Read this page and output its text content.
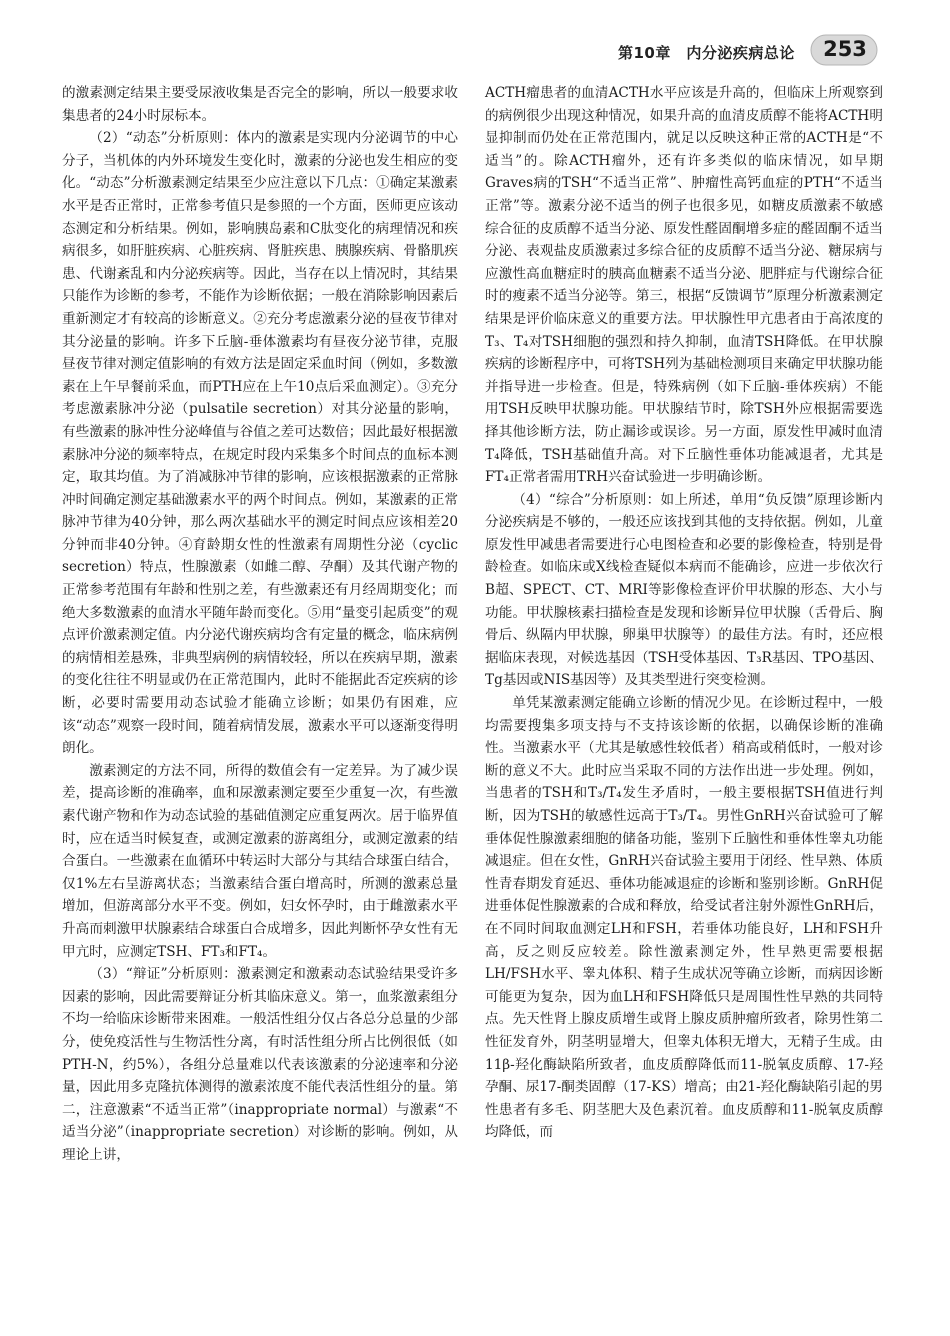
第10章　内分泌疾病总论	253

的激素测定结果主要受尿液收集是否完全的影响，所以一般要求收集患者的24小时尿标本。

（2）“动态”分析原则：体内的激素是实现内分泌调节的中心分子，当机体的内外环境发生变化时，激素的分泌也发生相应的变化。“动态”分析激素测定结果至少应注意以下几点：①确定某激素水平是否正常时，正常参考值只是参照的一个方面，医师更应该动态测定和分析结果。例如，影响胰岛素和C肽变化的病理情况和疾病很多，如肝脏疾病、心脏疾病、肾脏疾患、胰腺疾病、骨骼肌疾患、代谢紊乱和内分泌疾病等。因此，当存在以上情况时，其结果只能作为诊断的参考，不能作为诊断依据；一般在消除影响因素后重新测定才有较高的诊断意义。②充分考虑激素分泌的昼夜节律对其分泌量的影响。许多下丘脑-垂体激素均有昼夜分泌节律，克服昼夜节律对测定值影响的有效方法是固定采血时间（例如，多数激素在上午早餐前采血，而PTH应在上午10点后采血测定）。③充分考虑激素脉冲分泌（pulsatile secretion）对其分泌量的影响，有些激素的脉冲性分泌峰值与谷值之差可达数倍；因此最好根据激素脉冲分泌的频率特点，在规定时段内采集多个时间点的血标本测定，取其均值。为了消减脉冲节律的影响，应该根据激素的正常脉冲时间确定测定基础激素水平的两个时间点。例如，某激素的正常脉冲节律为40分钟，那么两次基础水平的测定时间点应该相差20分钟而非40分钟。④育龄期女性的性激素有周期性分泌（cyclic secretion）特点，性腺激素（如雌二醇、孕酮）及其代谢产物的正常参考范围有年龄和性别之差，有些激素还有月经周期变化；而绝大多数激素的血清水平随年龄而变化。⑤用“量变引起质变”的观点评价激素测定值。内分泌代谢疾病均含有定量的概念，临床病例的病情相差悬殊，非典型病例的病情较轻，所以在疾病早期，激素的变化往往不明显或仍在正常范围内，此时不能据此否定疾病的诊断，必要时需要用动态试验才能确立诊断；如果仍有困难，应该“动态”观察一段时间，随着病情发展，激素水平可以逐渐变得明朗化。

激素测定的方法不同，所得的数值会有一定差异。为了减少误差，提高诊断的准确率，血和尿激素测定要至少重复一次，有些激素代谢产物和作为动态试验的基础值测定应重复两次。居于临界值时，应在适当时候复查，或测定激素的游离组分，或测定激素的结合蛋白。一些激素在血循环中转运时大部分与其结合球蛋白结合，仅1%左右呈游离状态；当激素结合蛋白增高时，所测的激素总量增加，但游离部分水平不变。例如，妇女怀孕时，由于雌激素水平升高而刺激甲状腺素结合球蛋白合成增多，因此判断怀孕女性有无甲亢时，应测定TSH、FT₃和FT₄。

（3）“辩证”分析原则：激素测定和激素动态试验结果受许多因素的影响，因此需要辩证分析其临床意义。第一，血浆激素组分不均一给临床诊断带来困难。一般活性组分仅占各总分总量的少部分，使免疫活性与生物活性分离，有时活性组分所占比例很低（如PTH-N，约5%），各组分总量难以代表该激素的分泌速率和分泌量，因此用多克隆抗体测得的激素浓度不能代表活性组分的量。第二，注意激素“不适当正常”（inappropriate normal）与激素“不适当分泌”（inappropriate secretion）对诊断的影响。例如，从理论上讲，

ACTH瘤患者的血清ACTH水平应该是升高的，但临床上所观察到的病例很少出现这种情况，如果升高的血清皮质醇不能将ACTH明显抑制而仍处在正常范围内，就足以反映这种正常的ACTH是“不适当”的。除ACTH瘤外，还有许多类似的临床情况，如早期Graves病的TSH“不适当正常”、肿瘤性高钙血症的PTH“不适当正常”等。激素分泌不适当的例子也很多见，如糖皮质激素不敏感综合征的皮质醇不适当分泌、原发性醛固酮增多症的醛固酮不适当分泌、表观盐皮质激素过多综合征的皮质醇不适当分泌、糖尿病与应激性高血糖症时的胰高血糖素不适当分泌、肥胖症与代谢综合征时的瘦素不适当分泌等。第三，根据“反馈调节”原理分析激素测定结果是评价临床意义的重要方法。甲状腺性甲亢患者由于高浓度的T₃、T₄对TSH细胞的强烈和持久抑制，血清TSH降低。在甲状腺疾病的诊断程序中，可将TSH列为基础检测项目来确定甲状腺功能并指导进一步检查。但是，特殊病例（如下丘脑-垂体疾病）不能用TSH反映甲状腺功能。甲状腺结节时，除TSH外应根据需要选择其他诊断方法，防止漏诊或误诊。另一方面，原发性甲减时血清T₄降低，TSH基础值升高。对下丘脑性垂体功能减退者，尤其是FT₄正常者需用TRH兴奋试验进一步明确诊断。

（4）“综合”分析原则：如上所述，单用“负反馈”原理诊断内分泌疾病是不够的，一般还应该找到其他的支持依据。例如，儿童原发性甲减患者需要进行心电图检查和必要的影像检查，特别是骨龄检查。如临床或X线检查疑似本病而不能确诊，应进一步依次行B超、SPECT、CT、MRI等影像检查评价甲状腺的形态、大小与功能。甲状腺核素扫描检查是发现和诊断异位甲状腺（舌骨后、胸骨后、纵隔内甲状腺，卵巢甲状腺等）的最佳方法。有时，还应根据临床表现，对候选基因（TSH受体基因、T₃R基因、TPO基因、Tg基因或NIS基因等）及其类型进行突变检测。

单凭某激素测定能确立诊断的情况少见。在诊断过程中，一般均需要搜集多项支持与不支持该诊断的依据，以确保诊断的准确性。当激素水平（尤其是敏感性较低者）稍高或稍低时，一般对诊断的意义不大。此时应当采取不同的方法作出进一步处理。例如，当患者的TSH和T₃/T₄发生矛盾时，一般主要根据TSH值进行判断，因为TSH的敏感性远高于T₃/T₄。男性GnRH兴奋试验可了解垂体促性腺激素细胞的储备功能，鉴别下丘脑性和垂体性睾丸功能减退症。但在女性，GnRH兴奋试验主要用于闭经、性早熟、体质性青春期发育延迟、垂体功能减退症的诊断和鉴别诊断。GnRH促进垂体促性腺激素的合成和释放，给受试者注射外源性GnRH后，在不同时间取血测定LH和FSH，若垂体功能良好，LH和FSH升高，反之则反应较差。除性激素测定外，性早熟更需要根据LH/FSH水平、睾丸体积、精子生成状况等确立诊断，而病因诊断可能更为复杂，因为血LH和FSH降低只是周围性性早熟的共同特点。先天性肾上腺皮质增生或肾上腺皮质肿瘤所致者，除男性第二性征发育外，阴茎明显增大，但睾丸体积无增大，无精子生成。由11β-羟化酶缺陷所致者，血皮质醇降低而11-脱氧皮质醇、17-羟孕酮、尿17-酮类固醇（17-KS）增高；由21-羟化酶缺陷引起的男性患者有多毛、阴茎肥大及色素沉着。血皮质醇和11-脱氧皮质醇均降低，而
